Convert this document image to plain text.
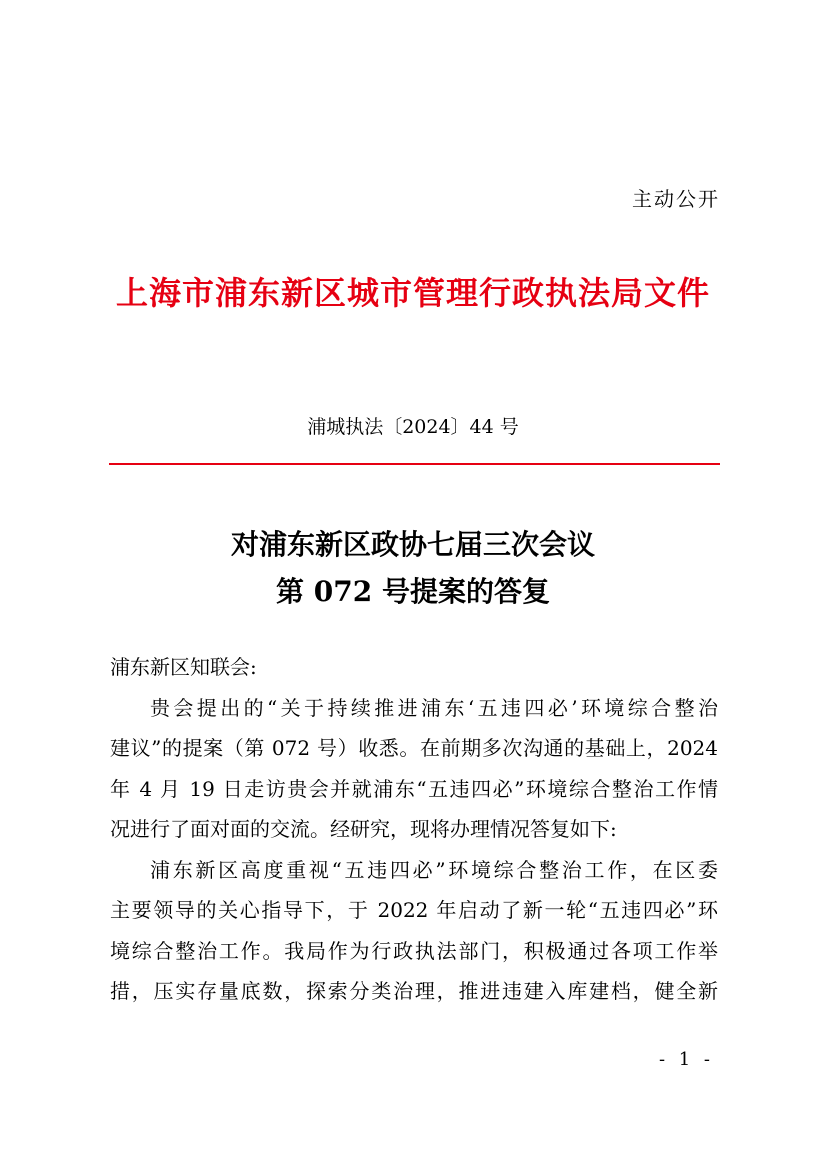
主动公开
上海市浦东新区城市管理行政执法局文件
浦城执法〔2024〕44 号
对浦东新区政协七届三次会议
第 072 号提案的答复

浦东新区知联会:

贵会提出的“关于持续推进浦东‘五违四必’环境综合整治

建议”的提案（第 072 号）收悉。在前期多次沟通的基础上，2024

年 4 月 19 日走访贵会并就浦东“五违四必”环境综合整治工作情

况进行了面对面的交流。经研究，现将办理情况答复如下:

浦东新区高度重视“五违四必”环境综合整治工作，在区委

主要领导的关心指导下，于 2022 年启动了新一轮“五违四必”环

境综合整治工作。我局作为行政执法部门，积极通过各项工作举

措，压实存量底数，探索分类治理，推进违建入库建档，健全新

- 1 -
